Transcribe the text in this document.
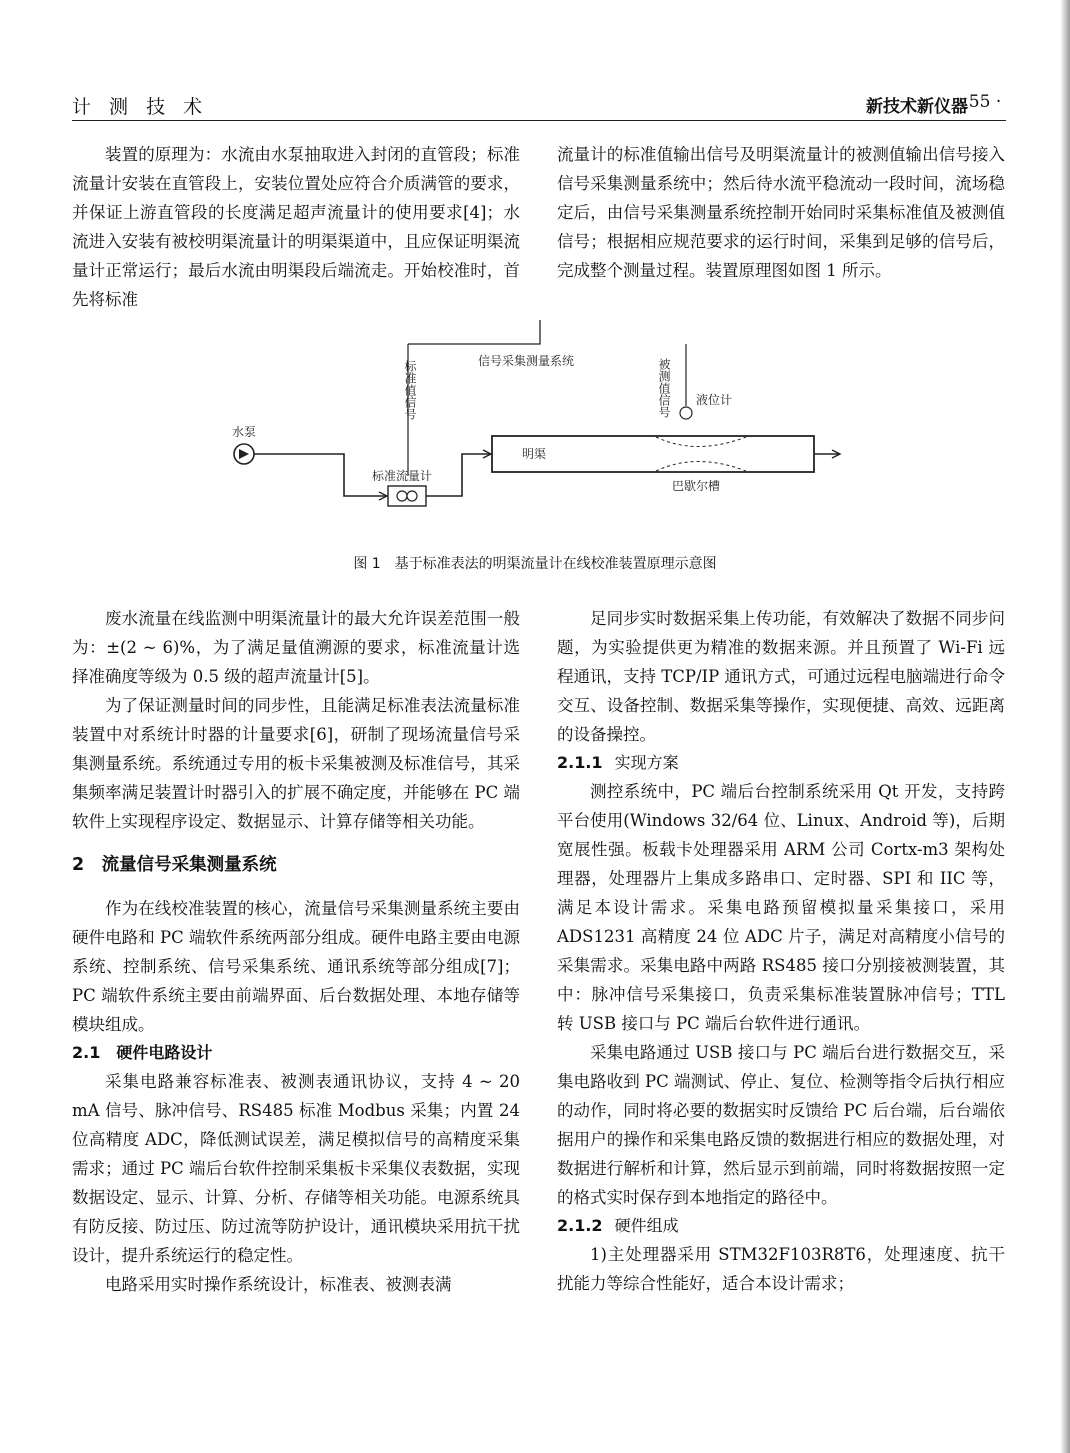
计 测 技 术	新技术新仪器
· 55 ·

装置的原理为：水流由水泵抽取进入封闭的直管段；标准流量计安装在直管段上，安装位置处应符合介质满管的要求，并保证上游直管段的长度满足超声流量计的使用要求[4]；水流进入安装有被校明渠流量计的明渠渠道中，且应保证明渠流量计正常运行；最后水流由明渠段后端流走。开始校准时，首先将标准

流量计的标准值输出信号及明渠流量计的被测值输出信号接入信号采集测量系统中；然后待水流平稳流动一段时间，流场稳定后，由信号采集测量系统控制开始同时采集标准值及被测值信号；根据相应规范要求的运行时间，采集到足够的信号后，完成整个测量过程。装置原理图如图 1 所示。

信号采集测量系统
标准值信号	被测值信号 液位计
水泵
标准流量计
明渠
巴歇尔槽
图 1　基于标准表法的明渠流量计在线校准装置原理示意图

废水流量在线监测中明渠流量计的最大允许误差范围一般为：±(2 ~ 6)%，为了满足量值溯源的要求，标准流量计选择准确度等级为 0.5 级的超声流量计[5]。

为了保证测量时间的同步性，且能满足标准表法流量标准装置中对系统计时器的计量要求[6]，研制了现场流量信号采集测量系统。系统通过专用的板卡采集被测及标准信号，其采集频率满足装置计时器引入的扩展不确定度，并能够在 PC 端软件上实现程序设定、数据显示、计算存储等相关功能。

2　流量信号采集测量系统

作为在线校准装置的核心，流量信号采集测量系统主要由硬件电路和 PC 端软件系统两部分组成。硬件电路主要由电源系统、控制系统、信号采集系统、通讯系统等部分组成[7]；PC 端软件系统主要由前端界面、后台数据处理、本地存储等模块组成。

2.1　硬件电路设计

采集电路兼容标准表、被测表通讯协议，支持 4 ~ 20 mA 信号、脉冲信号、RS485 标准 Modbus 采集；内置 24 位高精度 ADC，降低测试误差，满足模拟信号的高精度采集需求；通过 PC 端后台软件控制采集板卡采集仪表数据，实现数据设定、显示、计算、分析、存储等相关功能。电源系统具有防反接、防过压、防过流等防护设计，通讯模块采用抗干扰设计，提升系统运行的稳定性。

电路采用实时操作系统设计，标准表、被测表满

足同步实时数据采集上传功能，有效解决了数据不同步问题，为实验提供更为精准的数据来源。并且预置了 Wi-Fi 远程通讯，支持 TCP/IP 通讯方式，可通过远程电脑端进行命令交互、设备控制、数据采集等操作，实现便捷、高效、远距离的设备操控。

2.1.1 实现方案

测控系统中，PC 端后台控制系统采用 Qt 开发，支持跨平台使用(Windows 32/64 位、Linux、Android 等)，后期宽展性强。板载卡处理器采用 ARM 公司 Cortx-m3 架构处理器，处理器片上集成多路串口、定时器、SPI 和 IIC 等，满足本设计需求。采集电路预留模拟量采集接口，采用 ADS1231 高精度 24 位 ADC 片子，满足对高精度小信号的采集需求。采集电路中两路 RS485 接口分别接被测装置，其中：脉冲信号采集接口，负责采集标准装置脉冲信号；TTL 转 USB 接口与 PC 端后台软件进行通讯。

采集电路通过 USB 接口与 PC 端后台进行数据交互，采集电路收到 PC 端测试、停止、复位、检测等指令后执行相应的动作，同时将必要的数据实时反馈给 PC 后台端，后台端依据用户的操作和采集电路反馈的数据进行相应的数据处理，对数据进行解析和计算，然后显示到前端，同时将数据按照一定的格式实时保存到本地指定的路径中。

2.1.2 硬件组成

1)主处理器采用 STM32F103R8T6，处理速度、抗干扰能力等综合性能好，适合本设计需求；
